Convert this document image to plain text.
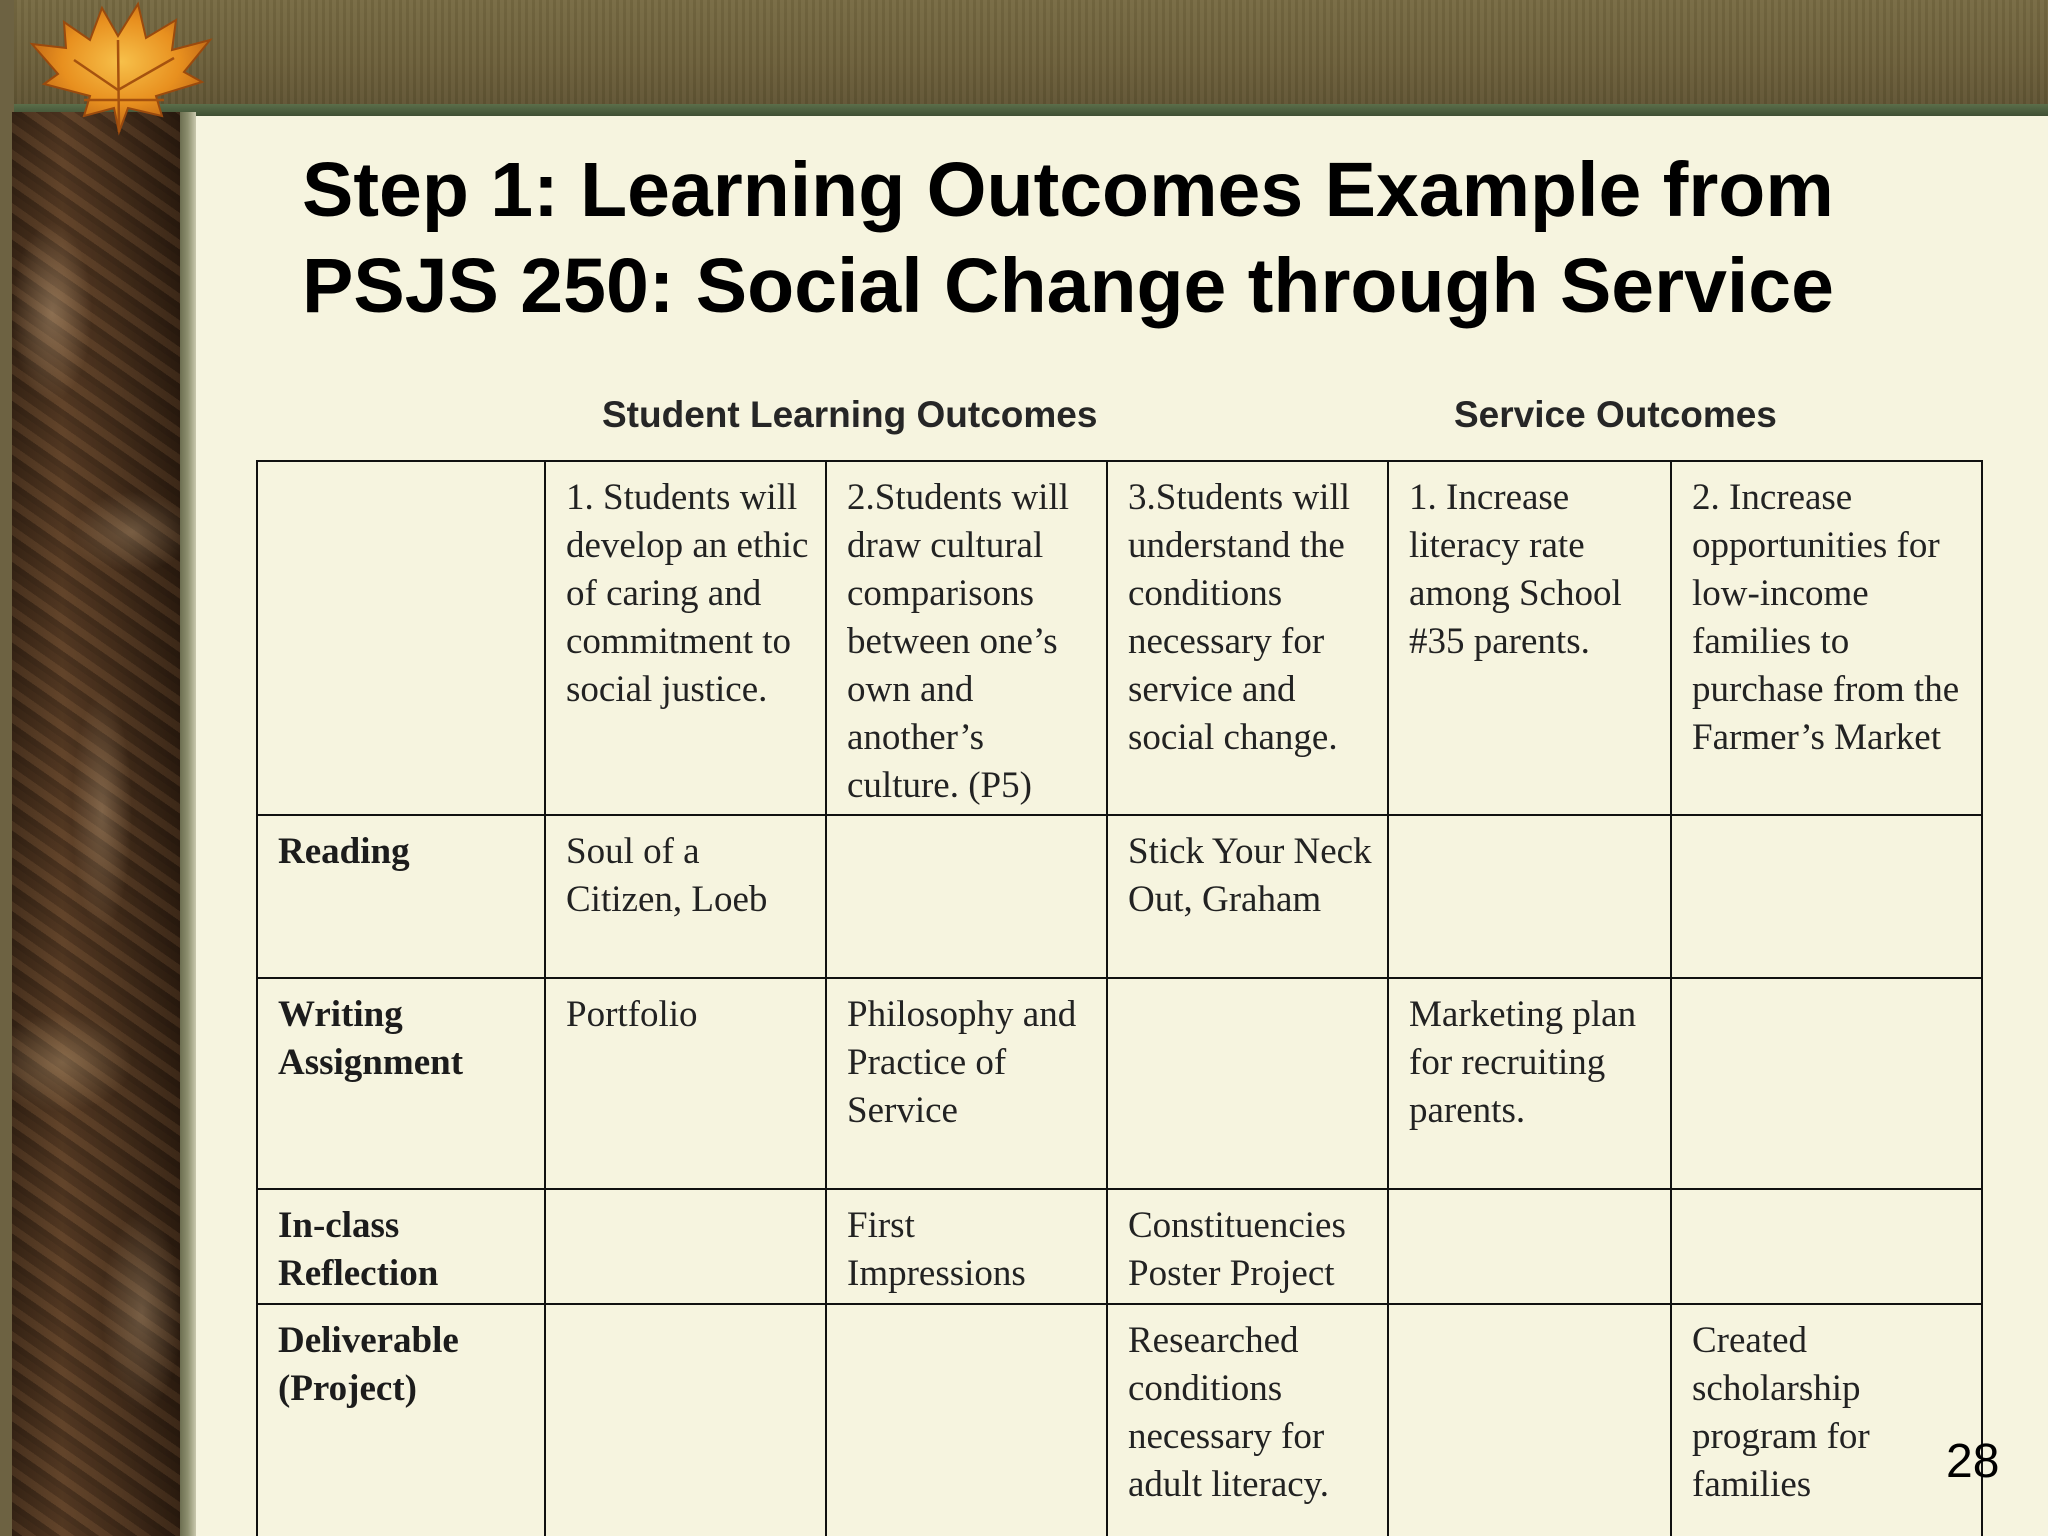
Step 1: Learning Outcomes Example from
PSJS 250: Social Change through Service
Student Learning Outcomes	Service Outcomes
	1. Students will develop an ethic of caring and commitment to social justice.	2.Students will draw cultural comparisons between one’s own and another’s culture. (P5)	3.Students will understand the conditions necessary for service and social change.	1. Increase literacy rate among School #35 parents.	2. Increase opportunities for low-income families to purchase from the Farmer’s Market
Reading	Soul of a Citizen, Loeb		Stick Your Neck Out, Graham		
Writing Assignment	Portfolio	Philosophy and Practice of Service		Marketing plan for recruiting parents.	
In-class Reflection		First Impressions	Constituencies Poster Project		
Deliverable (Project)			Researched conditions necessary for adult literacy.		Created scholarship program for families	28
